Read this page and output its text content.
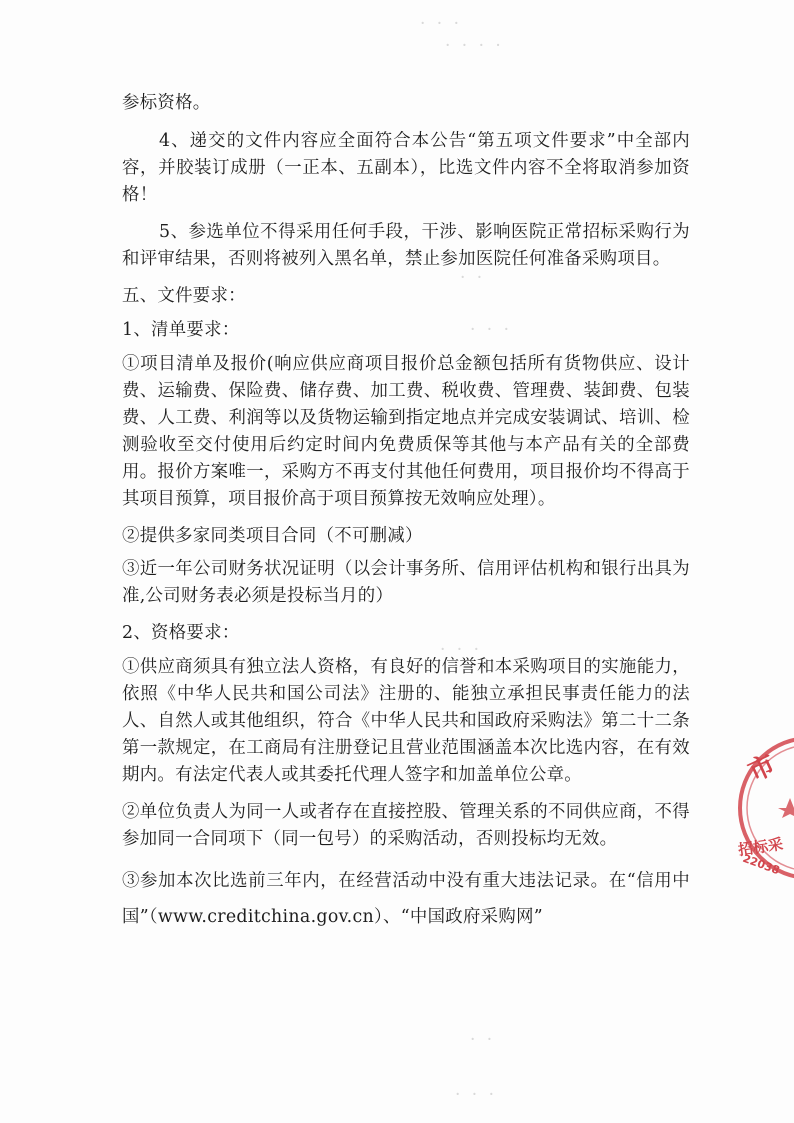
· · ·
· · · ·
· ·
· · ·
· · ·
· ·
· · ·

参标资格。

4、递交的文件内容应全面符合本公告“第五项文件要求”中全部内容，并胶装订成册（一正本、五副本），比选文件内容不全将取消参加资格！

5、参选单位不得采用任何手段，干涉、影响医院正常招标采购行为和评审结果，否则将被列入黑名单，禁止参加医院任何准备采购项目。

五、文件要求：

1、清单要求：

①项目清单及报价(响应供应商项目报价总金额包括所有货物供应、设计费、运输费、保险费、储存费、加工费、税收费、管理费、装卸费、包装费、人工费、利润等以及货物运输到指定地点并完成安装调试、培训、检测验收至交付使用后约定时间内免费质保等其他与本产品有关的全部费用。报价方案唯一，采购方不再支付其他任何费用，项目报价均不得高于其项目预算，项目报价高于项目预算按无效响应处理）。

②提供多家同类项目合同（不可删减）

③近一年公司财务状况证明（以会计事务所、信用评估机构和银行出具为准,公司财务表必须是投标当月的）

2、资格要求：

①供应商须具有独立法人资格，有良好的信誉和本采购项目的实施能力，依照《中华人民共和国公司法》注册的、能独立承担民事责任能力的法人、自然人或其他组织，符合《中华人民共和国政府采购法》第二十二条第一款规定，在工商局有注册登记且营业范围涵盖本次比选内容，在有效期内。有法定代表人或其委托代理人签字和加盖单位公章。

②单位负责人为同一人或者存在直接控股、管理关系的不同供应商，不得参加同一合同项下（同一包号）的采购活动，否则投标均无效。

③参加本次比选前三年内，在经营活动中没有重大违法记录。在“信用中国”（www.creditchina.gov.cn）、“中国政府采购网”

市
招标采
22038
